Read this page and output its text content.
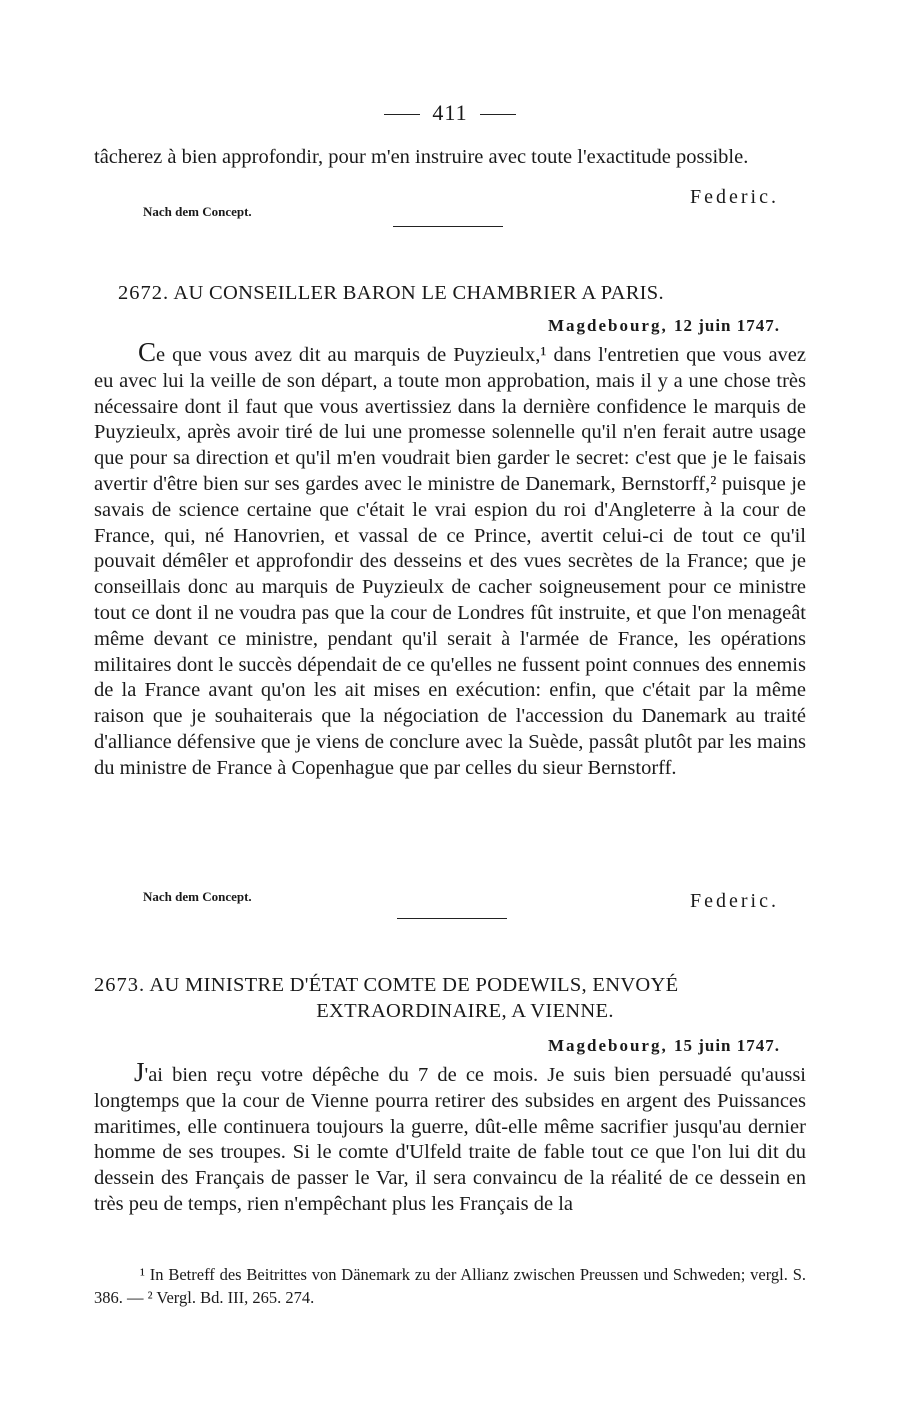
411
tâcherez à bien approfondir, pour m'en instruire avec toute l'exactitude possible.
Federic.
Nach dem Concept.
2672. AU CONSEILLER BARON LE CHAMBRIER A PARIS.
Magdebourg, 12 juin 1747.
Ce que vous avez dit au marquis de Puyzieulx,¹ dans l'entretien que vous avez eu avec lui la veille de son départ, a toute mon approbation, mais il y a une chose très nécessaire dont il faut que vous avertissiez dans la dernière confidence le marquis de Puyzieulx, après avoir tiré de lui une promesse solennelle qu'il n'en ferait autre usage que pour sa direction et qu'il m'en voudrait bien garder le secret: c'est que je le faisais avertir d'être bien sur ses gardes avec le ministre de Danemark, Bernstorff,² puisque je savais de science certaine que c'était le vrai espion du roi d'Angleterre à la cour de France, qui, né Hanovrien, et vassal de ce Prince, avertit celui-ci de tout ce qu'il pouvait démêler et approfondir des desseins et des vues secrètes de la France; que je conseillais donc au marquis de Puyzieulx de cacher soigneusement pour ce ministre tout ce dont il ne voudra pas que la cour de Londres fût instruite, et que l'on menageât même devant ce ministre, pendant qu'il serait à l'armée de France, les opérations militaires dont le succès dépendait de ce qu'elles ne fussent point connues des ennemis de la France avant qu'on les ait mises en exécution: enfin, que c'était par la même raison que je souhaiterais que la négociation de l'accession du Danemark au traité d'alliance défensive que je viens de conclure avec la Suède, passât plutôt par les mains du ministre de France à Copenhague que par celles du sieur Bernstorff.
Nach dem Concept.	Federic.
2673. AU MINISTRE D'ÉTAT COMTE DE PODEWILS, ENVOYÉ
EXTRAORDINAIRE, A VIENNE.
Magdebourg, 15 juin 1747.
J'ai bien reçu votre dépêche du 7 de ce mois. Je suis bien persuadé qu'aussi longtemps que la cour de Vienne pourra retirer des subsides en argent des Puissances maritimes, elle continuera toujours la guerre, dût-elle même sacrifier jusqu'au dernier homme de ses troupes. Si le comte d'Ulfeld traite de fable tout ce que l'on lui dit du dessein des Français de passer le Var, il sera convaincu de la réalité de ce dessein en très peu de temps, rien n'empêchant plus les Français de la
¹ In Betreff des Beitrittes von Dänemark zu der Allianz zwischen Preussen und Schweden; vergl. S. 386. — ² Vergl. Bd. III, 265. 274.
